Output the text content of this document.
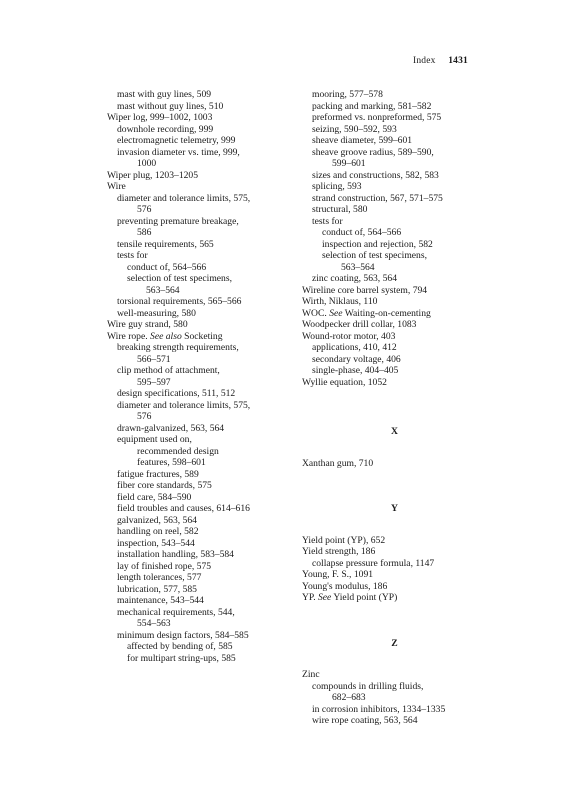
Index 1431
mast with guy lines, 509
mast without guy lines, 510
Wiper log, 999–1002, 1003
downhole recording, 999
electromagnetic telemetry, 999
invasion diameter vs. time, 999,
1000
Wiper plug, 1203–1205
Wire
diameter and tolerance limits, 575,
576
preventing premature breakage,
586
tensile requirements, 565
tests for
conduct of, 564–566
selection of test specimens,
563–564
torsional requirements, 565–566
well-measuring, 580
Wire guy strand, 580
Wire rope. See also Socketing
breaking strength requirements,
566–571
clip method of attachment,
595–597
design specifications, 511, 512
diameter and tolerance limits, 575,
576
drawn-galvanized, 563, 564
equipment used on,
recommended design
features, 598–601
fatigue fractures, 589
fiber core standards, 575
field care, 584–590
field troubles and causes, 614–616
galvanized, 563, 564
handling on reel, 582
inspection, 543–544
installation handling, 583–584
lay of finished rope, 575
length tolerances, 577
lubrication, 577, 585
maintenance, 543–544
mechanical requirements, 544,
554–563
minimum design factors, 584–585
affected by bending of, 585
for multipart string-ups, 585
mooring, 577–578
packing and marking, 581–582
preformed vs. nonpreformed, 575
seizing, 590–592, 593
sheave diameter, 599–601
sheave groove radius, 589–590,
599–601
sizes and constructions, 582, 583
splicing, 593
strand construction, 567, 571–575
structural, 580
tests for
conduct of, 564–566
inspection and rejection, 582
selection of test specimens,
563–564
zinc coating, 563, 564
Wireline core barrel system, 794
Wirth, Niklaus, 110
WOC. See Waiting-on-cementing
Woodpecker drill collar, 1083
Wound-rotor motor, 403
applications, 410, 412
secondary voltage, 406
single-phase, 404–405
Wyllie equation, 1052
X
Xanthan gum, 710
Y
Yield point (YP), 652
Yield strength, 186
collapse pressure formula, 1147
Young, F. S., 1091
Young's modulus, 186
YP. See Yield point (YP)
Z
Zinc
compounds in drilling fluids,
682–683
in corrosion inhibitors, 1334–1335
wire rope coating, 563, 564
